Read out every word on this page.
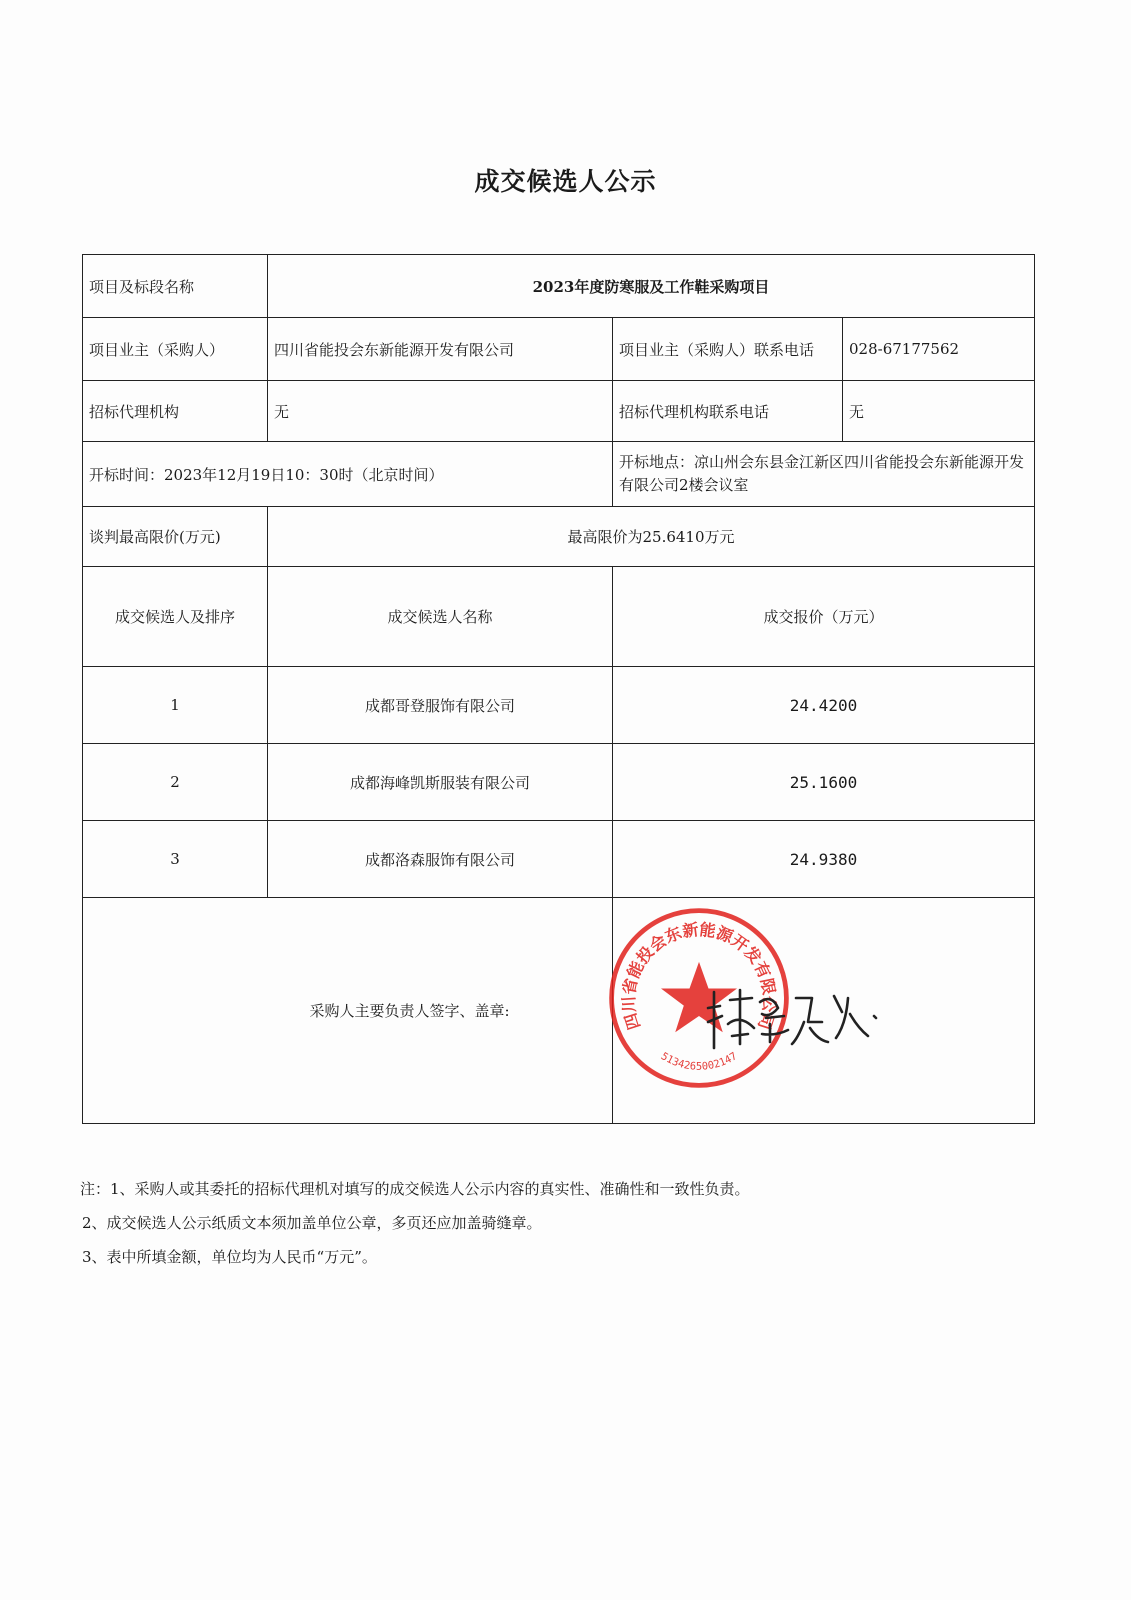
成交候选人公示
项目及标段名称	2023年度防寒服及工作鞋采购项目		
项目业主（采购人）	四川省能投会东新能源开发有限公司	项目业主（采购人）联系电话	028-67177562
招标代理机构	无	招标代理机构联系电话	无
开标时间：2023年12月19日10：30时（北京时间）		开标地点：凉山州会东县金江新区四川省能投会东新能源开发有限公司2楼会议室	
谈判最高限价(万元)	最高限价为25.6410万元		
成交候选人及排序	成交候选人名称	成交报价（万元）	
1	成都哥登服饰有限公司	24.4200	
2	成都海峰凯斯服装有限公司	25.1600	
3	成都洛森服饰有限公司	24.9380	
采购人主要负责人签字、盖章:				四川省能投会东新能源开发有限公司
5134265002147
注：1、采购人或其委托的招标代理机对填写的成交候选人公示内容的真实性、准确性和一致性负责。
2、成交候选人公示纸质文本须加盖单位公章，多页还应加盖骑缝章。
3、表中所填金额，单位均为人民币“万元”。
